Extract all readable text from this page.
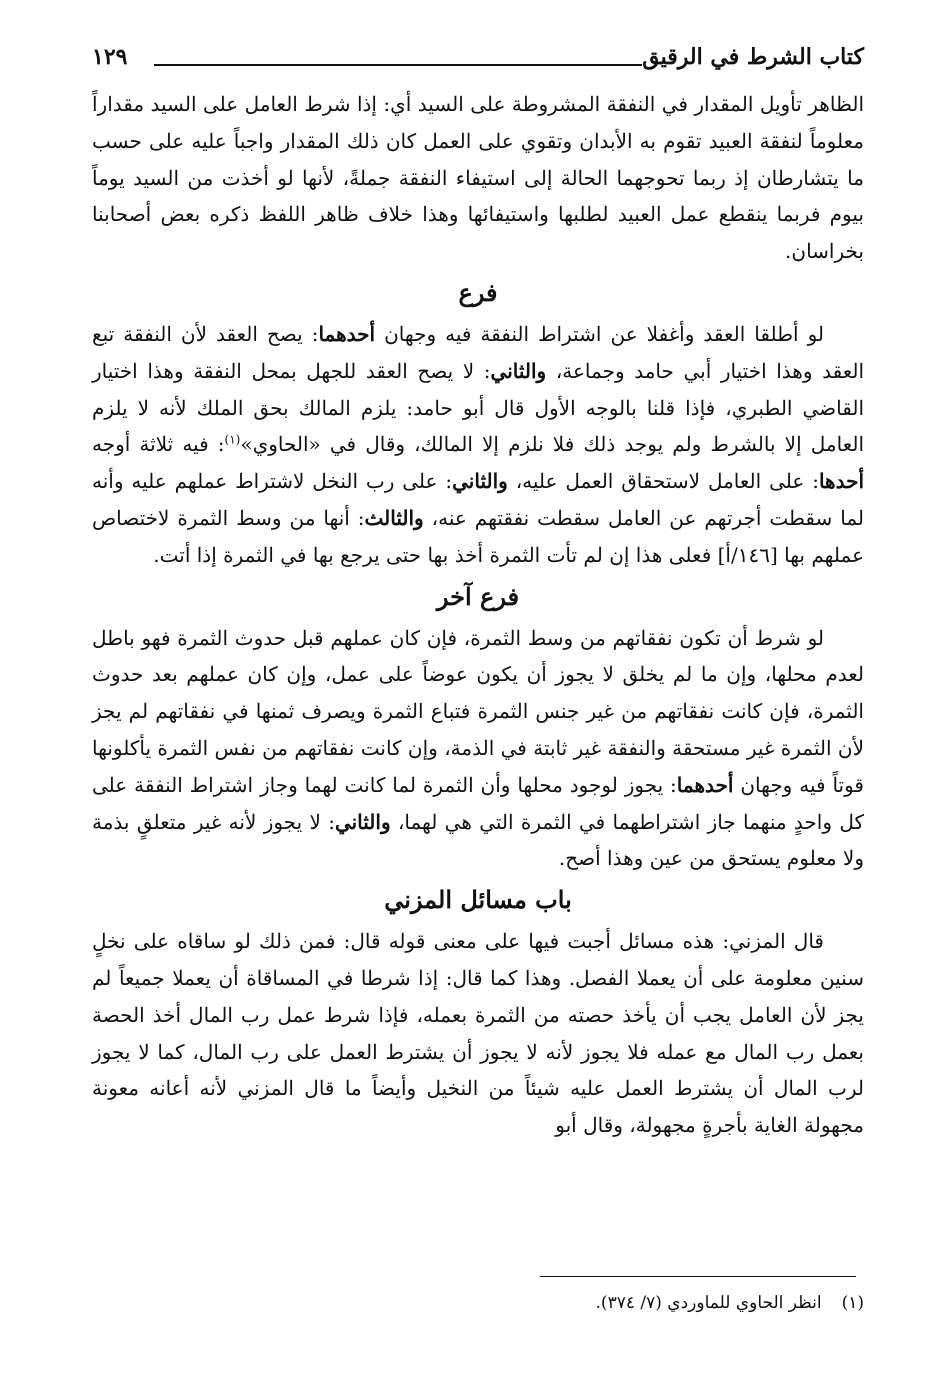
كتاب الشرط في الرقيق
١٢٩

الظاهر تأويل المقدار في النفقة المشروطة على السيد أي: إذا شرط العامل على السيد مقداراً معلوماً لنفقة العبيد تقوم به الأبدان وتقوي على العمل كان ذلك المقدار واجباً عليه على حسب ما يتشارطان إذ ربما تحوجهما الحالة إلى استيفاء النفقة جملةً، لأنها لو أخذت من السيد يوماً بيوم فربما ينقطع عمل العبيد لطلبها واستيفائها وهذا خلاف ظاهر اللفظ ذكره بعض أصحابنا بخراسان.

فرع

لو أطلقا العقد وأغفلا عن اشتراط النفقة فيه وجهان أحدهما: يصح العقد لأن النفقة تبع العقد وهذا اختيار أبي حامد وجماعة، والثاني: لا يصح العقد للجهل بمحل النفقة وهذا اختيار القاضي الطبري، فإذا قلنا بالوجه الأول قال أبو حامد: يلزم المالك بحق الملك لأنه لا يلزم العامل إلا بالشرط ولم يوجد ذلك فلا نلزم إلا المالك، وقال في «الحاوي»$^{(١)}$: فيه ثلاثة أوجه أحدها: على العامل لاستحقاق العمل عليه، والثاني: على رب النخل لاشتراط عملهم عليه وأنه لما سقطت أجرتهم عن العامل سقطت نفقتهم عنه، والثالث: أنها من وسط الثمرة لاختصاص عملهم بها [١٤٦/أ] فعلى هذا إن لم تأت الثمرة أخذ بها حتى يرجع بها في الثمرة إذا أتت.

فرع آخر

لو شرط أن تكون نفقاتهم من وسط الثمرة، فإن كان عملهم قبل حدوث الثمرة فهو باطل لعدم محلها، وإن ما لم يخلق لا يجوز أن يكون عوضاً على عمل، وإن كان عملهم بعد حدوث الثمرة، فإن كانت نفقاتهم من غير جنس الثمرة فتباع الثمرة ويصرف ثمنها في نفقاتهم لم يجز لأن الثمرة غير مستحقة والنفقة غير ثابتة في الذمة، وإن كانت نفقاتهم من نفس الثمرة يأكلونها قوتاً فيه وجهان أحدهما: يجوز لوجود محلها وأن الثمرة لما كانت لهما وجاز اشتراط النفقة على كل واحدٍ منهما جاز اشتراطهما في الثمرة التي هي لهما، والثاني: لا يجوز لأنه غير متعلقٍ بذمة ولا معلوم يستحق من عين وهذا أصح.

باب مسائل المزني

قال المزني: هذه مسائل أجبت فيها على معنى قوله قال: فمن ذلك لو ساقاه على نخلٍ سنين معلومة على أن يعملا الفصل. وهذا كما قال: إذا شرطا في المساقاة أن يعملا جميعاً لم يجز لأن العامل يجب أن يأخذ حصته من الثمرة بعمله، فإذا شرط عمل رب المال أخذ الحصة بعمل رب المال مع عمله فلا يجوز لأنه لا يجوز أن يشترط العمل على رب المال، كما لا يجوز لرب المال أن يشترط العمل عليه شيئاً من النخيل وأيضاً ما قال المزني لأنه أعانه معونة مجهولة الغاية بأجرةٍ مجهولة، وقال أبو

(١)انظر الحاوي للماوردي (٧/ ٣٧٤).
